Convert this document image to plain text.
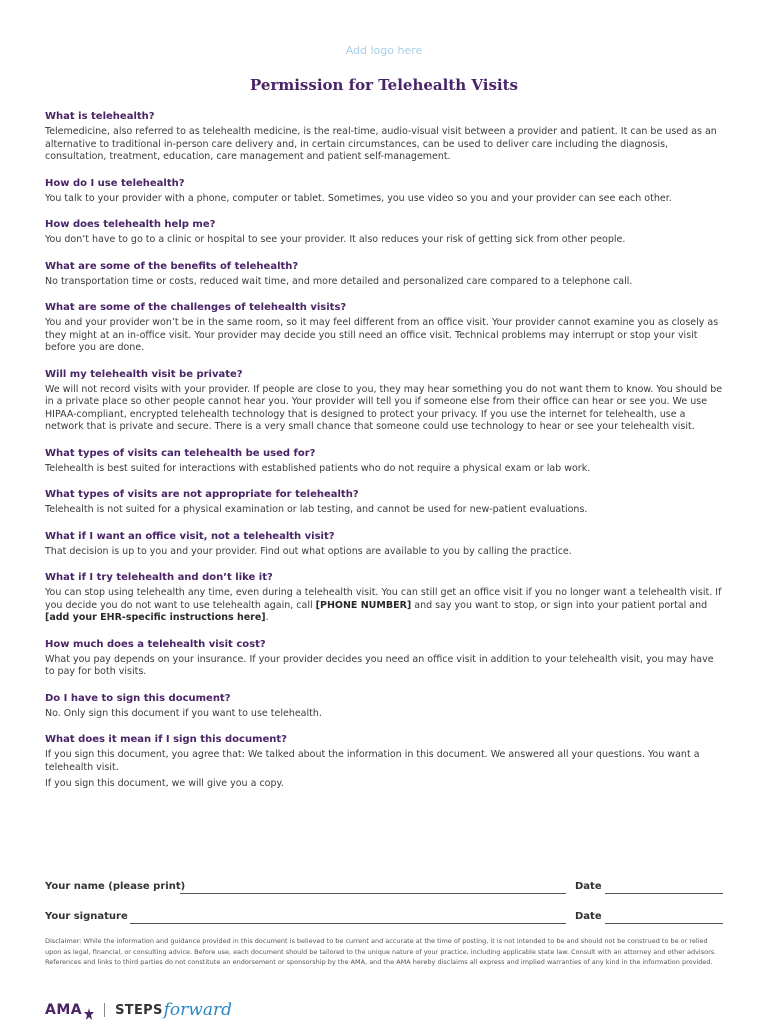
Add logo here
Permission for Telehealth Visits

What is telehealth?

Telemedicine, also referred to as telehealth medicine, is the real-time, audio-visual visit between a provider and patient. It can be used as an alternative to traditional in-person care delivery and, in certain circumstances, can be used to deliver care including the diagnosis, consultation, treatment, education, care management and patient self-management.

How do I use telehealth?

You talk to your provider with a phone, computer or tablet. Sometimes, you use video so you and your provider can see each other.

How does telehealth help me?

You don’t have to go to a clinic or hospital to see your provider. It also reduces your risk of getting sick from other people.

What are some of the benefits of telehealth?

No transportation time or costs, reduced wait time, and more detailed and personalized care compared to a telephone call.

What are some of the challenges of telehealth visits?

You and your provider won’t be in the same room, so it may feel different from an office visit. Your provider cannot examine you as closely as they might at an in-office visit. Your provider may decide you still need an office visit. Technical problems may interrupt or stop your visit before you are done.

Will my telehealth visit be private?

We will not record visits with your provider. If people are close to you, they may hear something you do not want them to know. You should be in a private place so other people cannot hear you. Your provider will tell you if someone else from their office can hear or see you. We use HIPAA-compliant, encrypted telehealth technology that is designed to protect your privacy. If you use the internet for telehealth, use a network that is private and secure. There is a very small chance that someone could use technology to hear or see your telehealth visit.

What types of visits can telehealth be used for?

Telehealth is best suited for interactions with established patients who do not require a physical exam or lab work.

What types of visits are not appropriate for telehealth?

Telehealth is not suited for a physical examination or lab testing, and cannot be used for new-patient evaluations.

What if I want an office visit, not a telehealth visit?

That decision is up to you and your provider. Find out what options are available to you by calling the practice.

What if I try telehealth and don’t like it?

You can stop using telehealth any time, even during a telehealth visit. You can still get an office visit if you no longer want a telehealth visit. If you decide you do not want to use telehealth again, call [PHONE NUMBER] and say you want to stop, or sign into your patient portal and [add your EHR-specific instructions here].

How much does a telehealth visit cost?

What you pay depends on your insurance. If your provider decides you need an office visit in addition to your telehealth visit, you may have to pay for both visits.

Do I have to sign this document?

No. Only sign this document if you want to use telehealth.

What does it mean if I sign this document?

If you sign this document, you agree that: We talked about the information in this document. We answered all your questions. You want a telehealth visit.

If you sign this document, we will give you a copy.

Your name (please print)	Date
Your signature	Date
Disclaimer: While the information and guidance provided in this document is believed to be current and accurate at the time of posting, it is not intended to be and should not be construed to be or relied upon as legal, financial, or consulting advice. Before use, each document should be tailored to the unique nature of your practice, including applicable state law. Consult with an attorney and other advisors. References and links to third parties do not constitute an endorsement or sponsorship by the AMA, and the AMA hereby disclaims all express and implied warranties of any kind in the information provided.
AMA	STEPS forward
